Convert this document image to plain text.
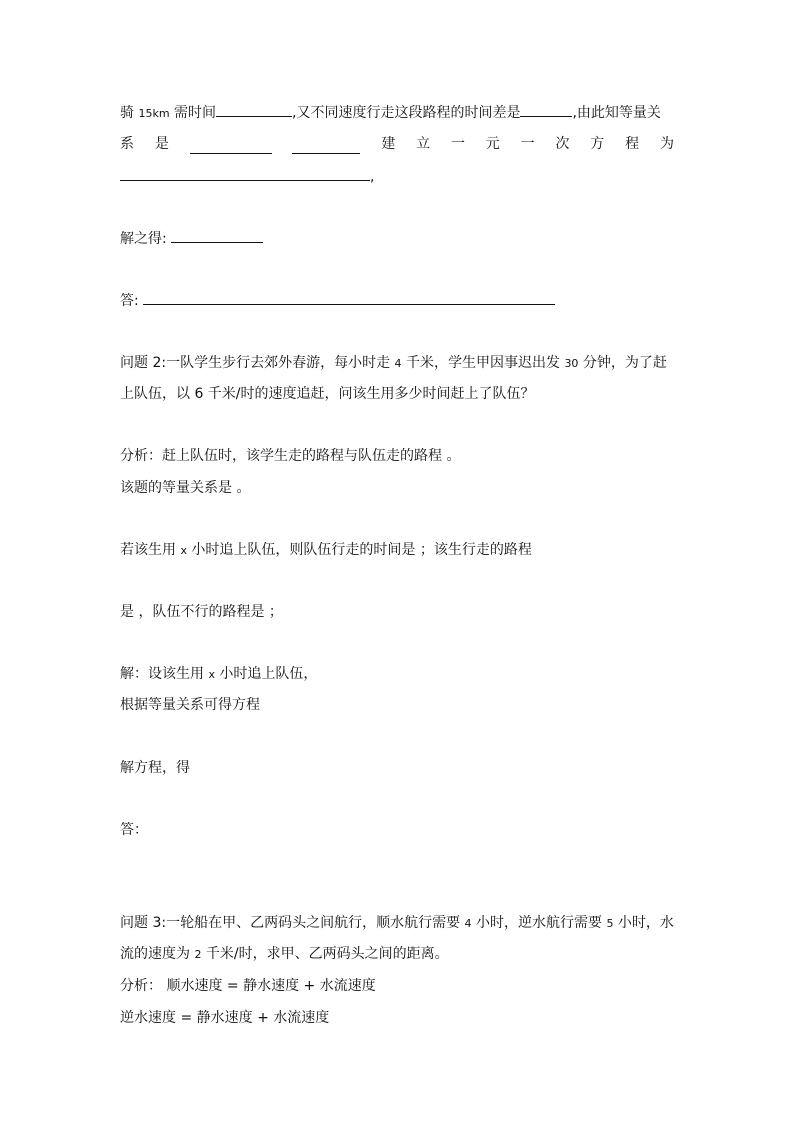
骑 15km 需时间	,又不同速度行走这段路程的时间差是	,由此知等量关
系 是	建 立 一 元 一 次 方 程 为
,
解之得:
答:
问题 2:一队学生步行去郊外春游，每小时走 4 千米，学生甲因事迟出发 30 分钟，为了赶
上队伍，以 6 千米/时的速度追赶，问该生用多少时间赶上了队伍？
分析：赶上队伍时，该学生走的路程与队伍走的路程 。
该题的等量关系是 。
若该生用 x 小时追上队伍，则队伍行走的时间是 ；该生行走的路程
是 ，队伍不行的路程是 ；
解：设该生用 x 小时追上队伍，
根据等量关系可得方程
解方程，得
答：
问题 3:一轮船在甲、乙两码头之间航行，顺水航行需要 4 小时，逆水航行需要 5 小时，水
流的速度为 2 千米/时，求甲、乙两码头之间的距离。
分析： 顺水速度 = 静水速度 + 水流速度
逆水速度 = 静水速度 + 水流速度
